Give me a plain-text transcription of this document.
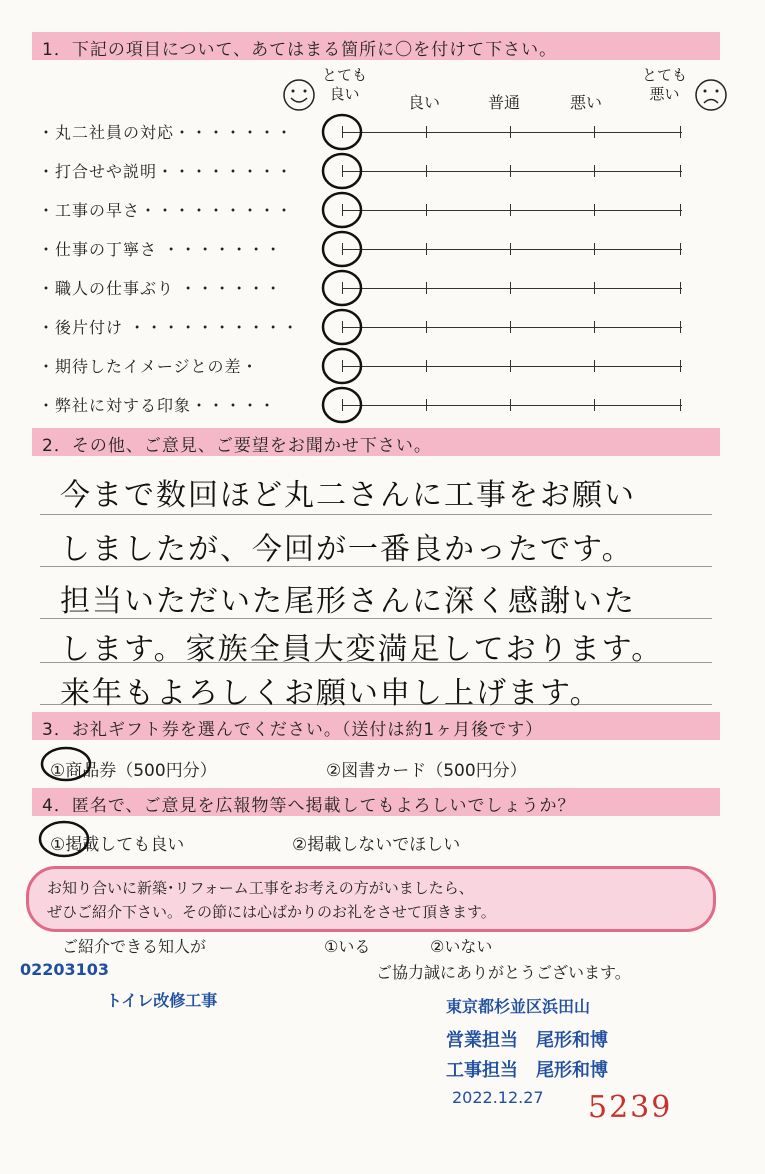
1．下記の項目について、あてはまる箇所に〇を付けて下さい。
とても
良い	良い	普通	悪い
とても
悪い
・丸二社員の対応・・・・・・・
・打合せや説明・・・・・・・・
・工事の早さ・・・・・・・・・
・仕事の丁寧さ ・・・・・・・
・職人の仕事ぶり ・・・・・・
・後片付け ・・・・・・・・・・
・期待したイメージとの差・
・弊社に対する印象・・・・・
2．その他、ご意見、ご要望をお聞かせ下さい。
今まで数回ほど丸二さんに工事をお願い
しましたが、今回が一番良かったです。
担当いただいた尾形さんに深く感謝いた
します。家族全員大変満足しております。
来年もよろしくお願い申し上げます。
3．お礼ギフト券を選んでください。（送付は約1ヶ月後です）
①商品券（500円分）	②図書カード（500円分）
4．匿名で、ご意見を広報物等へ掲載してもよろしいでしょうか？
①掲載しても良い	②掲載しないでほしい
お知り合いに新築･リフォーム工事をお考えの方がいましたら、
ぜひご紹介下さい。その節には心ばかりのお礼をさせて頂きます。
ご紹介できる知人が	①いる	②いない
ご協力誠にありがとうございます。
02203103
トイレ改修工事	東京都杉並区浜田山
営業担当　尾形和博
工事担当　尾形和博
2022.12.27 5239
